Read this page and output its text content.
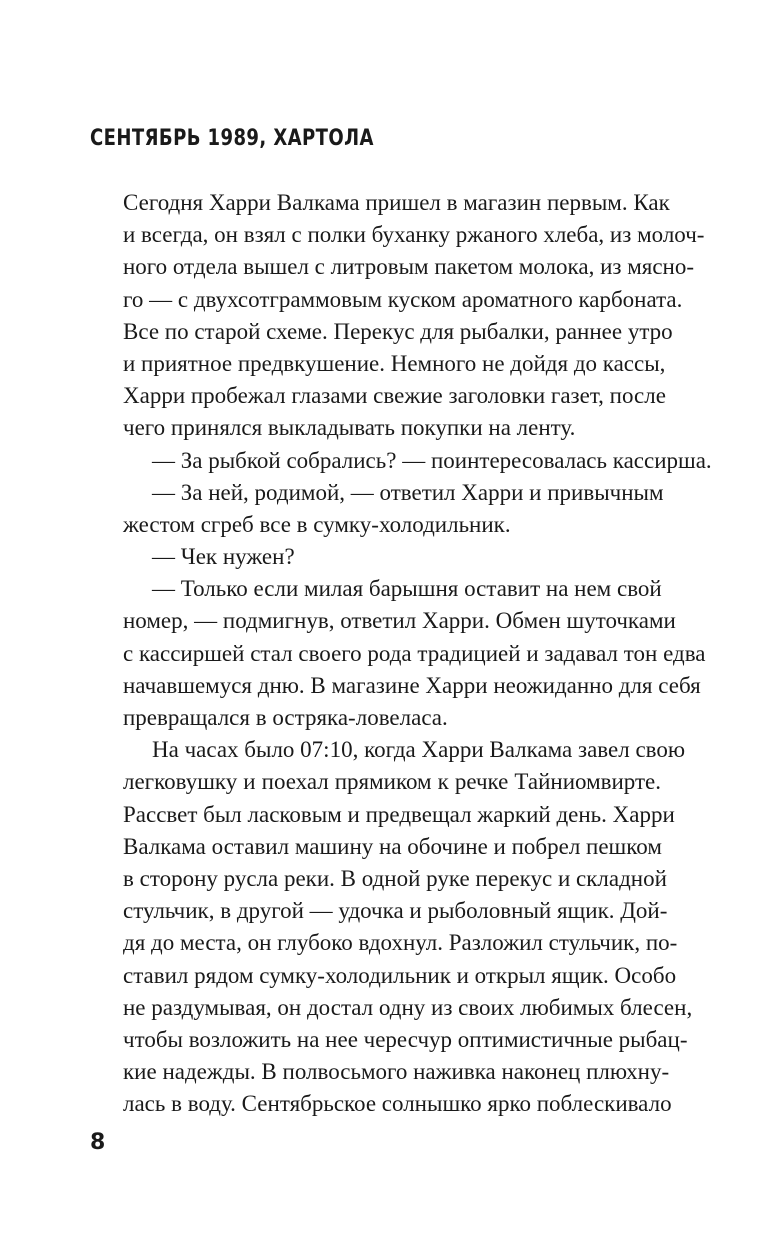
СЕНТЯБРЬ 1989, ХАРТОЛА
Сегодня Харри Валкама пришел в магазин первым. Как
и всегда, он взял с полки буханку ржаного хлеба, из молоч-
ного отдела вышел с литровым пакетом молока, из мясно-
го — с двухсотграммовым куском ароматного карбоната.
Все по старой схеме. Перекус для рыбалки, раннее утро
и приятное предвкушение. Немного не дойдя до кассы,
Харри пробежал глазами свежие заголовки газет, после
чего принялся выкладывать покупки на ленту.
— За рыбкой собрались? — поинтересовалась кассирша.
— За ней, родимой, — ответил Харри и привычным
жестом сгреб все в сумку-холодильник.
— Чек нужен?
— Только если милая барышня оставит на нем свой
номер, — подмигнув, ответил Харри. Обмен шуточками
с кассиршей стал своего рода традицией и задавал тон едва
начавшемуся дню. В магазине Харри неожиданно для себя
превращался в остряка-ловеласа.
На часах было 07:10, когда Харри Валкама завел свою
легковушку и поехал прямиком к речке Тайниомвирте.
Рассвет был ласковым и предвещал жаркий день. Харри
Валкама оставил машину на обочине и побрел пешком
в сторону русла реки. В одной руке перекус и складной
стульчик, в другой — удочка и рыболовный ящик. Дой-
дя до места, он глубоко вдохнул. Разложил стульчик, по-
ставил рядом сумку-холодильник и открыл ящик. Особо
не раздумывая, он достал одну из своих любимых блесен,
чтобы возложить на нее чересчур оптимистичные рыбац-
кие надежды. В полвосьмого наживка наконец плюхну-
лась в воду. Сентябрьское солнышко ярко поблескивало
8
